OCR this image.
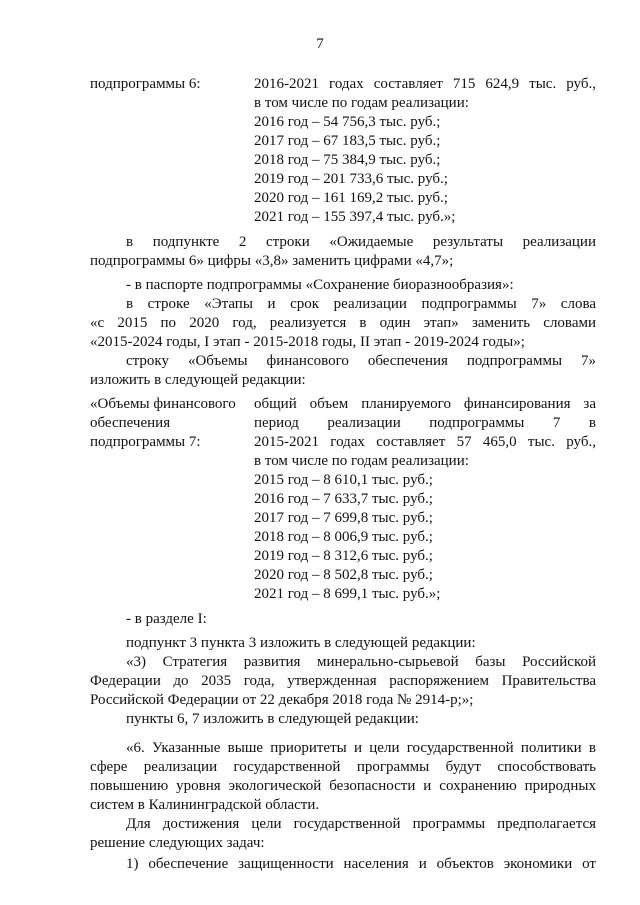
7
подпрограммы 6:	2016-2021 годах составляет 715 624,9 тыс. руб.,
в том числе по годам реализации:
2016 год – 54 756,3 тыс. руб.;
2017 год – 67 183,5 тыс. руб.;
2018 год – 75 384,9 тыс. руб.;
2019 год – 201 733,6 тыс. руб.;
2020 год – 161 169,2 тыс. руб.;
2021 год – 155 397,4 тыс. руб.»;
в подпункте 2 строки «Ожидаемые результаты реализации
подпрограммы 6» цифры «3,8» заменить цифрами «4,7»;
- в паспорте подпрограммы «Сохранение биоразнообразия»:
в строке «Этапы и срок реализации подпрограммы 7» слова
«с 2015 по 2020 год, реализуется в один этап» заменить словами
«2015-2024 годы, I этап - 2015-2018 годы, II этап - 2019-2024 годы»;
строку «Объемы финансового обеспечения подпрограммы 7»
изложить в следующей редакции:
«Объемы финансового
обеспечения
подпрограммы 7:
общий объем планируемого финансирования за
период реализации подпрограммы 7 в
2015-2021 годах составляет 57 465,0 тыс. руб.,
в том числе по годам реализации:
2015 год – 8 610,1 тыс. руб.;
2016 год – 7 633,7 тыс. руб.;
2017 год – 7 699,8 тыс. руб.;
2018 год – 8 006,9 тыс. руб.;
2019 год – 8 312,6 тыс. руб.;
2020 год – 8 502,8 тыс. руб.;
2021 год – 8 699,1 тыс. руб.»;
- в разделе I:
подпункт 3 пункта 3 изложить в следующей редакции:
«3) Стратегия развития минерально-сырьевой базы Российской
Федерации до 2035 года, утвержденная распоряжением Правительства
Российской Федерации от 22 декабря 2018 года № 2914-р;»;
пункты 6, 7 изложить в следующей редакции:
«6. Указанные выше приоритеты и цели государственной политики в
сфере реализации государственной программы будут способствовать
повышению уровня экологической безопасности и сохранению природных
систем в Калининградской области.
Для достижения цели государственной программы предполагается
решение следующих задач:
1) обеспечение защищенности населения и объектов экономики от
